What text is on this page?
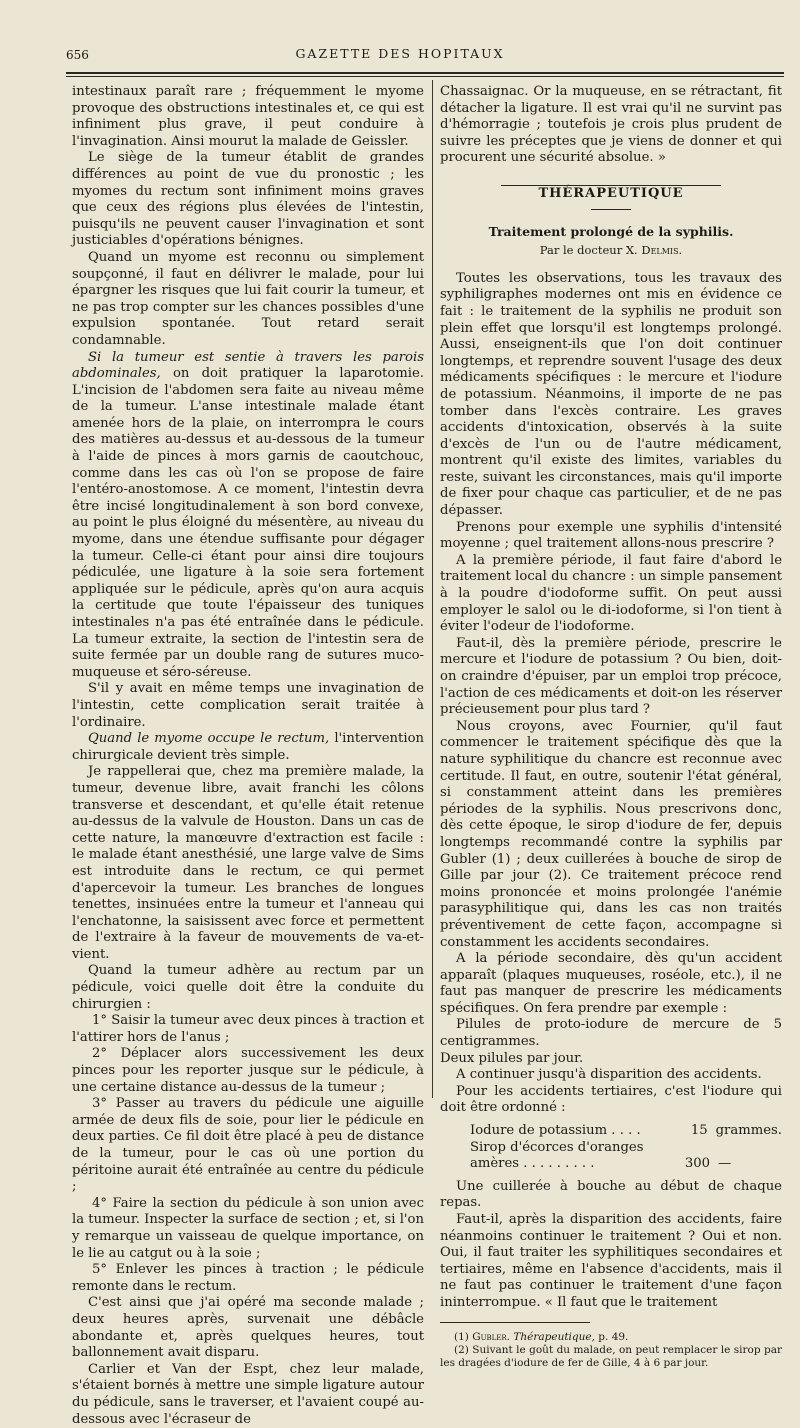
656	GAZETTE DES HOPITAUX

intestinaux paraît rare ; fréquemment le myome provoque des obstructions intestinales et, ce qui est infiniment plus grave, il peut conduire à l'invagination. Ainsi mourut la malade de Geissler.

Le siège de la tumeur établit de grandes différences au point de vue du pronostic ; les myomes du rectum sont infiniment moins graves que ceux des régions plus élevées de l'intestin, puisqu'ils ne peuvent causer l'invagination et sont justiciables d'opérations bénignes.

Quand un myome est reconnu ou simplement soupçonné, il faut en délivrer le malade, pour lui épargner les risques que lui fait courir la tumeur, et ne pas trop compter sur les chances possibles d'une expulsion spontanée. Tout retard serait condamnable.

Si la tumeur est sentie à travers les parois abdominales, on doit pratiquer la laparotomie. L'incision de l'abdomen sera faite au niveau même de la tumeur. L'anse intestinale malade étant amenée hors de la plaie, on interrompra le cours des matières au-dessus et au-dessous de la tumeur à l'aide de pinces à mors garnis de caoutchouc, comme dans les cas où l'on se propose de faire l'entéro-anostomose. A ce moment, l'intestin devra être incisé longitudinalement à son bord convexe, au point le plus éloigné du mésentère, au niveau du myome, dans une étendue suffisante pour dégager la tumeur. Celle-ci étant pour ainsi dire toujours pédiculée, une ligature à la soie sera fortement appliquée sur le pédicule, après qu'on aura acquis la certitude que toute l'épaisseur des tuniques intestinales n'a pas été entraînée dans le pédicule. La tumeur extraite, la section de l'intestin sera de suite fermée par un double rang de sutures muco-muqueuse et séro-séreuse.

S'il y avait en même temps une invagination de l'intestin, cette complication serait traitée à l'ordinaire.

Quand le myome occupe le rectum, l'intervention chirurgicale devient très simple.

Je rappellerai que, chez ma première malade, la tumeur, devenue libre, avait franchi les côlons transverse et descendant, et qu'elle était retenue au-dessus de la valvule de Houston. Dans un cas de cette nature, la manœuvre d'extraction est facile : le malade étant anesthésié, une large valve de Sims est introduite dans le rectum, ce qui permet d'apercevoir la tumeur. Les branches de longues tenettes, insinuées entre la tumeur et l'anneau qui l'enchatonne, la saisissent avec force et permettent de l'extraire à la faveur de mouvements de va-et-vient.

Quand la tumeur adhère au rectum par un pédicule, voici quelle doit être la conduite du chirurgien :

1° Saisir la tumeur avec deux pinces à traction et l'attirer hors de l'anus ;

2° Déplacer alors successivement les deux pinces pour les reporter jusque sur le pédicule, à une certaine distance au-dessus de la tumeur ;

3° Passer au travers du pédicule une aiguille armée de deux fils de soie, pour lier le pédicule en deux parties. Ce fil doit être placé à peu de distance de la tumeur, pour le cas où une portion du péritoine aurait été entraînée au centre du pédicule ;

4° Faire la section du pédicule à son union avec la tumeur. Inspecter la surface de section ; et, si l'on y remarque un vaisseau de quelque importance, on le lie au catgut ou à la soie ;

5° Enlever les pinces à traction ; le pédicule remonte dans le rectum.

C'est ainsi que j'ai opéré ma seconde malade ; deux heures après, survenait une débâcle abondante et, après quelques heures, tout ballonnement avait disparu.

Carlier et Van der Espt, chez leur malade, s'étaient bornés à mettre une simple ligature autour du pédicule, sans le traverser, et l'avaient coupé au-dessous avec l'écraseur de

Chassaignac. Or la muqueuse, en se rétractant, fit détacher la ligature. Il est vrai qu'il ne survint pas d'hémorragie ; toutefois je crois plus prudent de suivre les préceptes que je viens de donner et qui procurent une sécurité absolue. »

THÉRAPEUTIQUE
Traitement prolongé de la syphilis.
Par le docteur X. Delmis.

Toutes les observations, tous les travaux des syphiligraphes modernes ont mis en évidence ce fait : le traitement de la syphilis ne produit son plein effet que lorsqu'il est longtemps prolongé. Aussi, enseignent-ils que l'on doit continuer longtemps, et reprendre souvent l'usage des deux médicaments spécifiques : le mercure et l'iodure de potassium. Néanmoins, il importe de ne pas tomber dans l'excès contraire. Les graves accidents d'intoxication, observés à la suite d'excès de l'un ou de l'autre médicament, montrent qu'il existe des limites, variables du reste, suivant les circonstances, mais qu'il importe de fixer pour chaque cas particulier, et de ne pas dépasser.

Prenons pour exemple une syphilis d'intensité moyenne ; quel traitement allons-nous prescrire ?

A la première période, il faut faire d'abord le traitement local du chancre : un simple pansement à la poudre d'iodoforme suffit. On peut aussi employer le salol ou le di-iodoforme, si l'on tient à éviter l'odeur de l'iodoforme.

Faut-il, dès la première période, prescrire le mercure et l'iodure de potassium ? Ou bien, doit-on craindre d'épuiser, par un emploi trop précoce, l'action de ces médicaments et doit-on les réserver précieusement pour plus tard ?

Nous croyons, avec Fournier, qu'il faut commencer le traitement spécifique dès que la nature syphilitique du chancre est reconnue avec certitude. Il faut, en outre, soutenir l'état général, si constamment atteint dans les premières périodes de la syphilis. Nous prescrivons donc, dès cette époque, le sirop d'iodure de fer, depuis longtemps recommandé contre la syphilis par Gubler (1) ; deux cuillerées à bouche de sirop de Gille par jour (2). Ce traitement précoce rend moins prononcée et moins prolongée l'anémie parasyphilitique qui, dans les cas non traités préventivement de cette façon, accompagne si constamment les accidents secondaires.

A la période secondaire, dès qu'un accident apparaît (plaques muqueuses, roséole, etc.), il ne faut pas manquer de prescrire les médicaments spécifiques. On fera prendre par exemple :

Pilules de proto-iodure de mercure de 5 centigrammes.

Deux pilules par jour.

A continuer jusqu'à disparition des accidents.

Pour les accidents tertiaires, c'est l'iodure qui doit être ordonné :

Iodure de potassium . . . .	15 grammes.
Sirop d'écorces d'oranges
amères . . . . . . . . .	300 —

Une cuillerée à bouche au début de chaque repas.

Faut-il, après la disparition des accidents, faire néanmoins continuer le traitement ? Oui et non. Oui, il faut traiter les syphilitiques secondaires et tertiaires, même en l'absence d'accidents, mais il ne faut pas continuer le traitement d'une façon ininterrompue. « Il faut que le traitement

(1) Gubler. Thérapeutique, p. 49.

(2) Suivant le goût du malade, on peut remplacer le sirop par les dragées d'iodure de fer de Gille, 4 à 6 par jour.
